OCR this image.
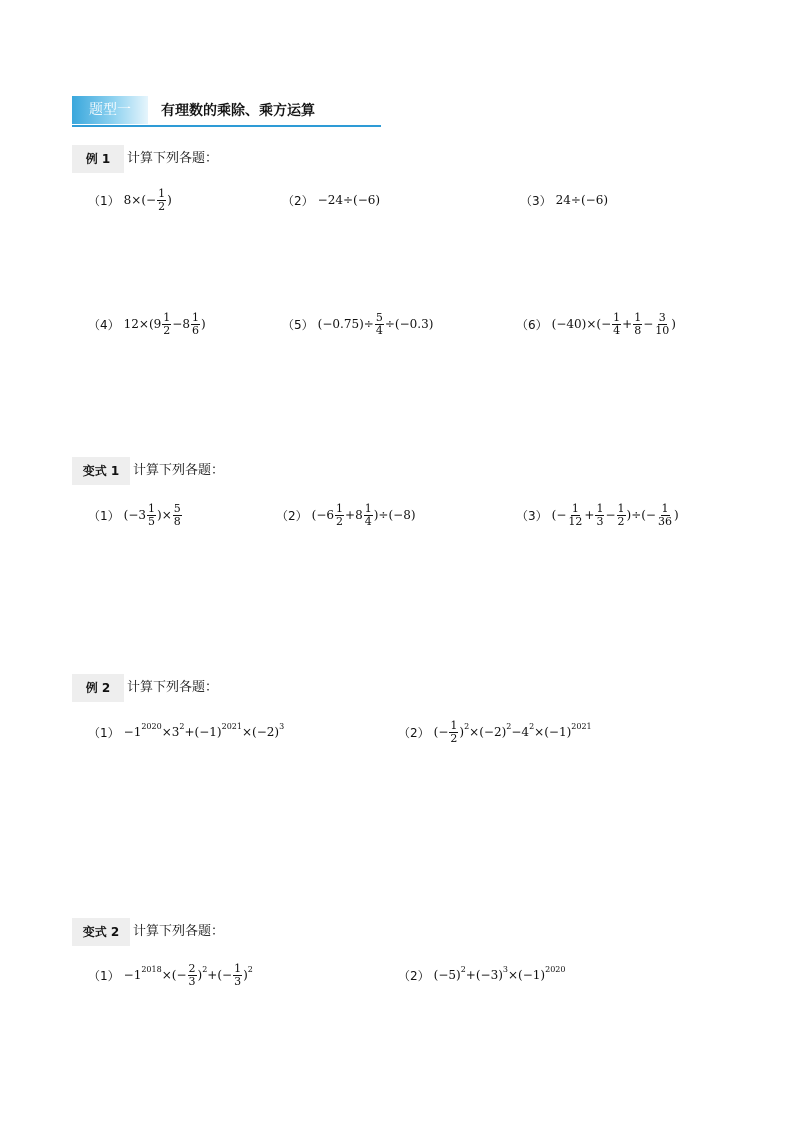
题型一	有理数的乘除、乘方运算
例 1	计算下列各题：
（1） $8\times(- \frac{1}{2}$ )	（2） −24÷(−6)	（3） 24÷(−6)
（4） $12\times(9 \frac{1}{2} -8 \frac{1}{6}$ )	（5） $(-0.75)\div \frac{5}{4} \div(-0.3)$	（6） $(-40)\times(- \frac{1}{4} + \frac{1}{8} - \frac{3}{10}$ )
变式 1	计算下列各题：
（1） ($-3 \frac{1}{5}$ )× $\frac{5}{8}$	（2） $(-6 \frac{1}{2} +8 \frac{1}{4} )\div(-8)$	（3） (− $\frac{1}{12} + \frac{1}{3} - \frac{1}{2}$ )÷(− $\frac{1}{36}$ )
例 2	计算下列各题：
$(1) -1^{2020} \times 3^2 +(-1)^{2021} \times(-2)^3$	（2） (− $\frac{1}{2} )^2 \times(-2)^2 -4^2 \times(-1)^{2021}$
变式 2	计算下列各题：
$(1) -1^{2018}$ ×(− $\frac{2}{3} )^2$ +(− $\frac{1}{3} )^2$	（2） $(-5)^2 +(-3)^3 \times(-1)^{2020}$
